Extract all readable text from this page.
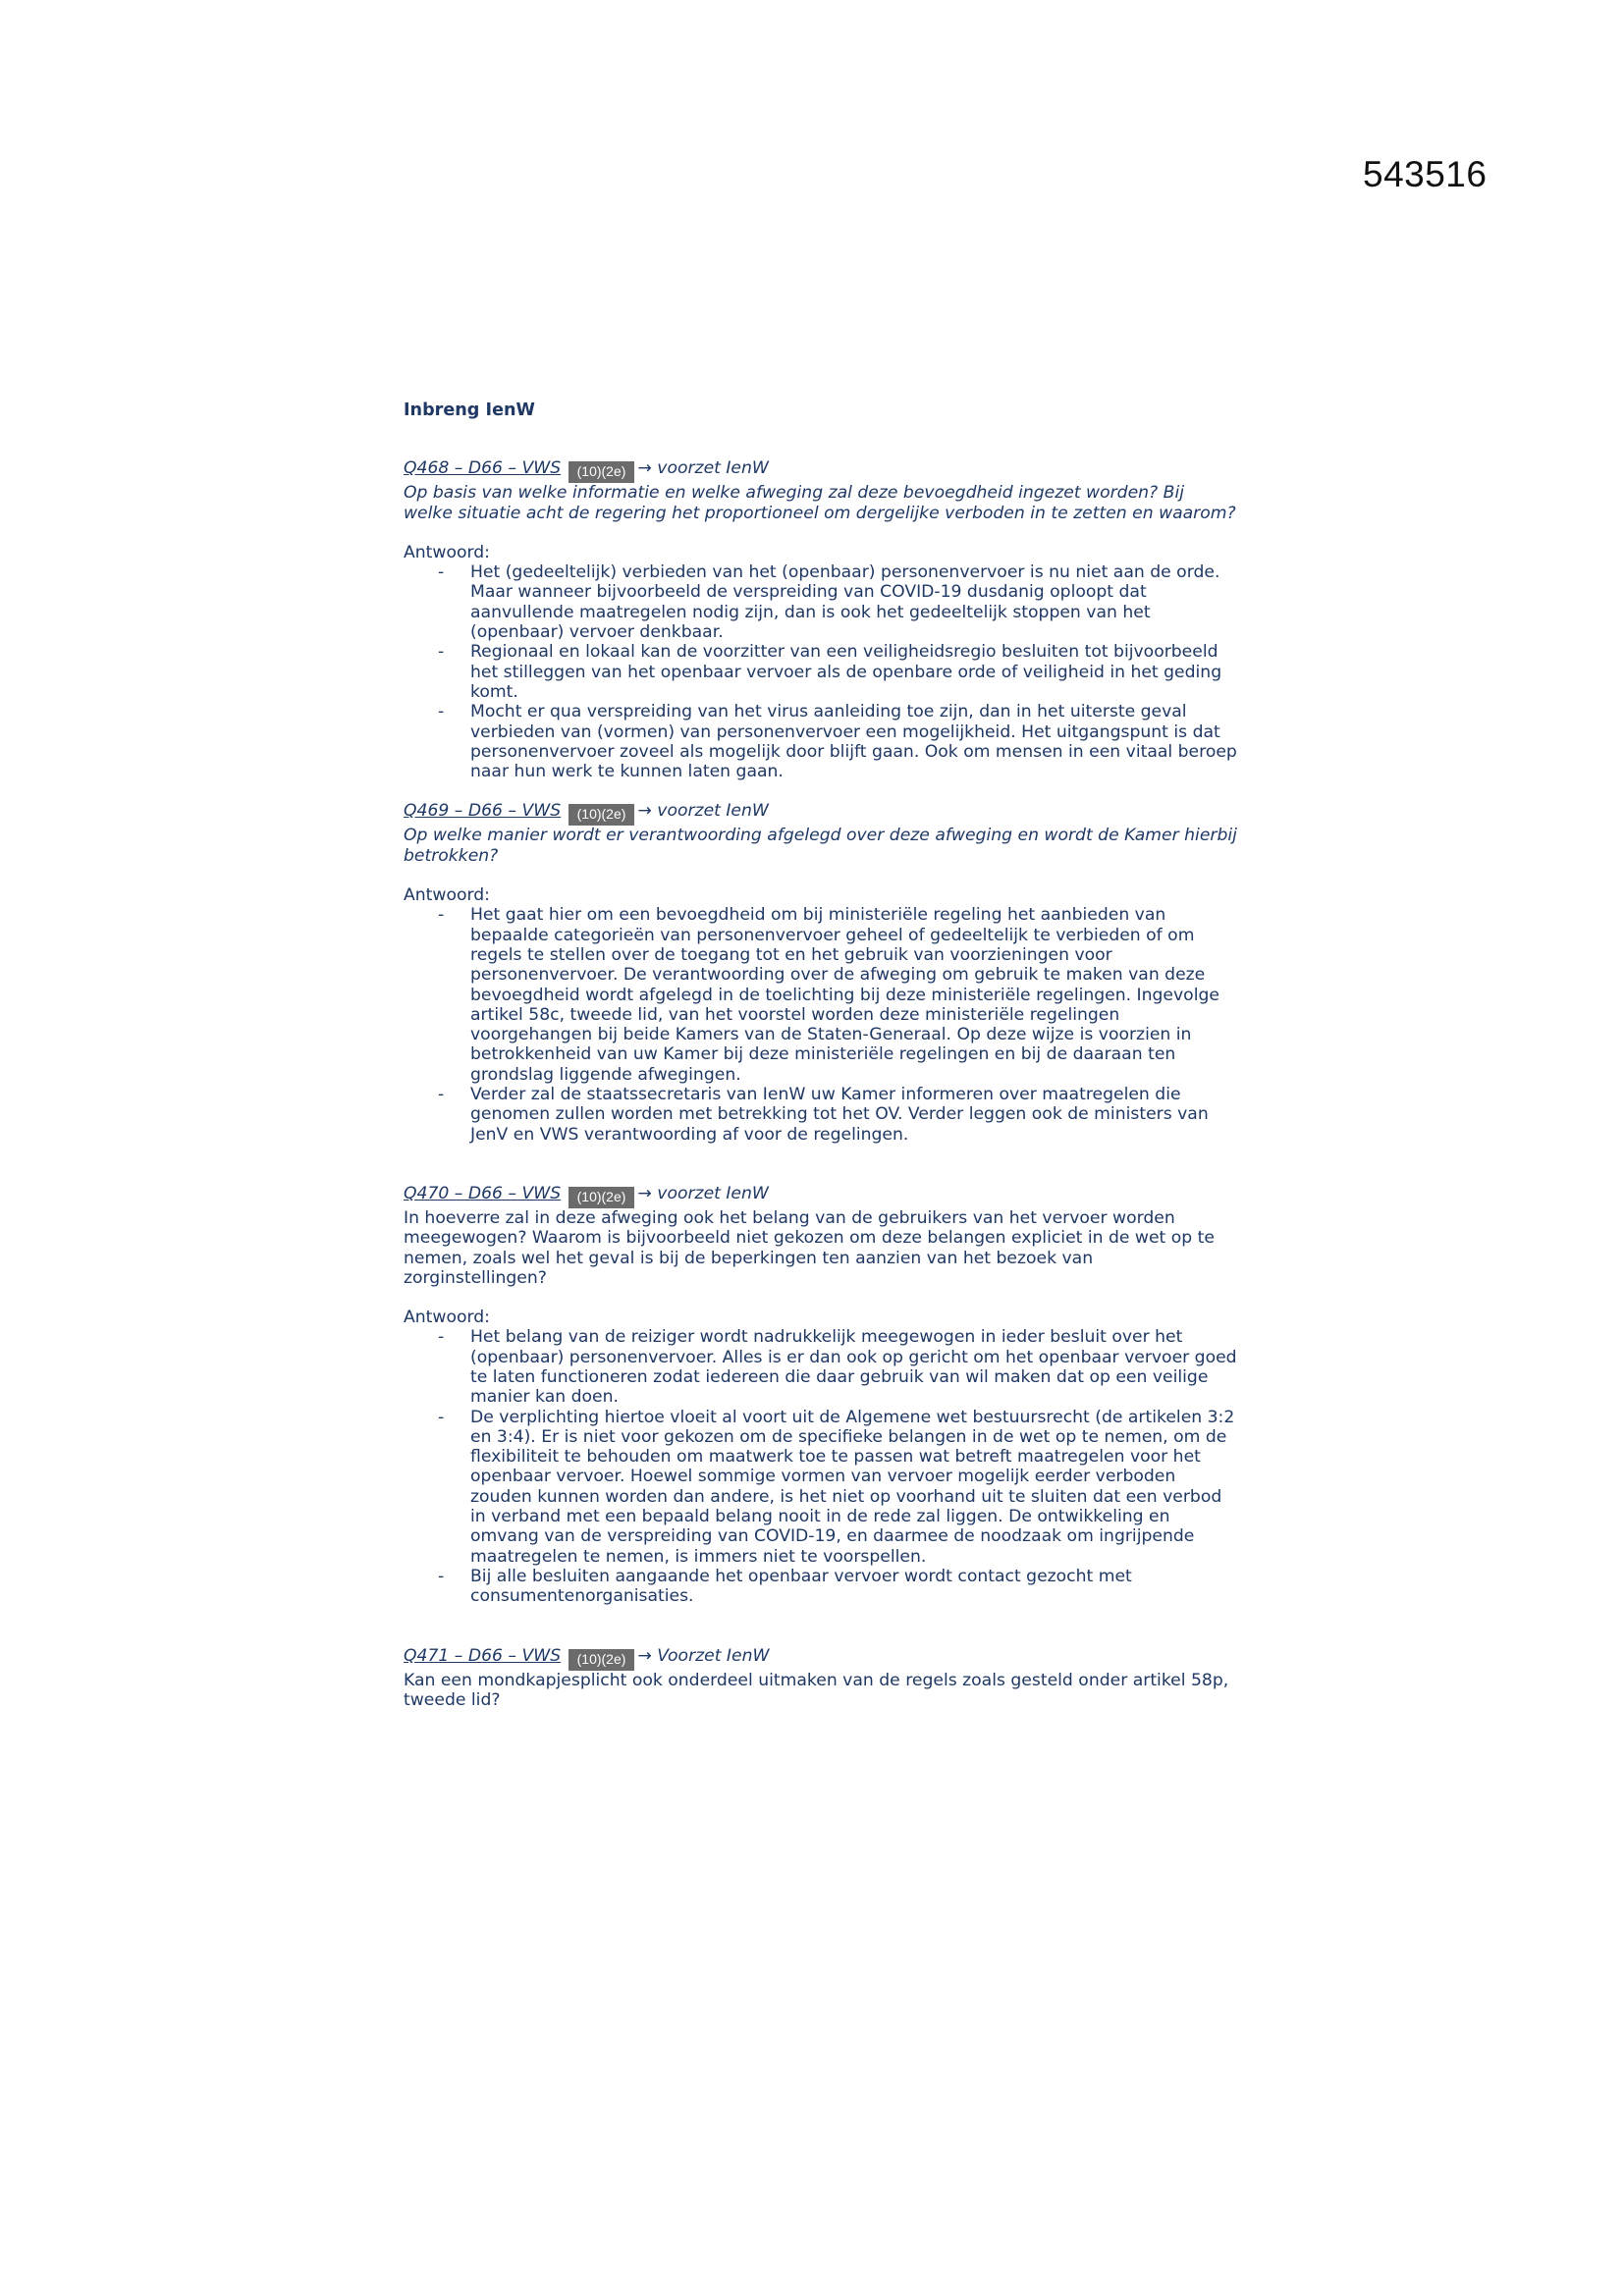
543516
Inbreng IenW

Q468 – D66 – VWS (10)(2e) → voorzet IenW

Op basis van welke informatie en welke afweging zal deze bevoegdheid ingezet worden? Bij welke situatie acht de regering het proportioneel om dergelijke verboden in te zetten en waarom?

Antwoord:

- Het (gedeeltelijk) verbieden van het (openbaar) personenvervoer is nu niet aan de orde. Maar wanneer bijvoorbeeld de verspreiding van COVID-19 dusdanig oploopt dat aanvullende maatregelen nodig zijn, dan is ook het gedeeltelijk stoppen van het (openbaar) vervoer denkbaar.
- Regionaal en lokaal kan de voorzitter van een veiligheidsregio besluiten tot bijvoorbeeld het stilleggen van het openbaar vervoer als de openbare orde of veiligheid in het geding komt.
- Mocht er qua verspreiding van het virus aanleiding toe zijn, dan in het uiterste geval verbieden van (vormen) van personenvervoer een mogelijkheid. Het uitgangspunt is dat personenvervoer zoveel als mogelijk door blijft gaan. Ook om mensen in een vitaal beroep naar hun werk te kunnen laten gaan.

Q469 – D66 – VWS (10)(2e) → voorzet IenW

Op welke manier wordt er verantwoording afgelegd over deze afweging en wordt de Kamer hierbij betrokken?

Antwoord:

- Het gaat hier om een bevoegdheid om bij ministeriële regeling het aanbieden van bepaalde categorieën van personenvervoer geheel of gedeeltelijk te verbieden of om regels te stellen over de toegang tot en het gebruik van voorzieningen voor personenvervoer. De verantwoording over de afweging om gebruik te maken van deze bevoegdheid wordt afgelegd in de toelichting bij deze ministeriële regelingen. Ingevolge artikel 58c, tweede lid, van het voorstel worden deze ministeriële regelingen voorgehangen bij beide Kamers van de Staten-Generaal. Op deze wijze is voorzien in betrokkenheid van uw Kamer bij deze ministeriële regelingen en bij de daaraan ten grondslag liggende afwegingen.
- Verder zal de staatssecretaris van IenW uw Kamer informeren over maatregelen die genomen zullen worden met betrekking tot het OV. Verder leggen ook de ministers van JenV en VWS verantwoording af voor de regelingen.

Q470 – D66 – VWS (10)(2e) → voorzet IenW

In hoeverre zal in deze afweging ook het belang van de gebruikers van het vervoer worden meegewogen? Waarom is bijvoorbeeld niet gekozen om deze belangen expliciet in de wet op te nemen, zoals wel het geval is bij de beperkingen ten aanzien van het bezoek van zorginstellingen?

Antwoord:

- Het belang van de reiziger wordt nadrukkelijk meegewogen in ieder besluit over het (openbaar) personenvervoer. Alles is er dan ook op gericht om het openbaar vervoer goed te laten functioneren zodat iedereen die daar gebruik van wil maken dat op een veilige manier kan doen.
- De verplichting hiertoe vloeit al voort uit de Algemene wet bestuursrecht (de artikelen 3:2 en 3:4). Er is niet voor gekozen om de specifieke belangen in de wet op te nemen, om de flexibiliteit te behouden om maatwerk toe te passen wat betreft maatregelen voor het openbaar vervoer. Hoewel sommige vormen van vervoer mogelijk eerder verboden zouden kunnen worden dan andere, is het niet op voorhand uit te sluiten dat een verbod in verband met een bepaald belang nooit in de rede zal liggen. De ontwikkeling en omvang van de verspreiding van COVID-19, en daarmee de noodzaak om ingrijpende maatregelen te nemen, is immers niet te voorspellen.
- Bij alle besluiten aangaande het openbaar vervoer wordt contact gezocht met consumentenorganisaties.

Q471 – D66 – VWS (10)(2e) → Voorzet IenW

Kan een mondkapjesplicht ook onderdeel uitmaken van de regels zoals gesteld onder artikel 58p, tweede lid?
